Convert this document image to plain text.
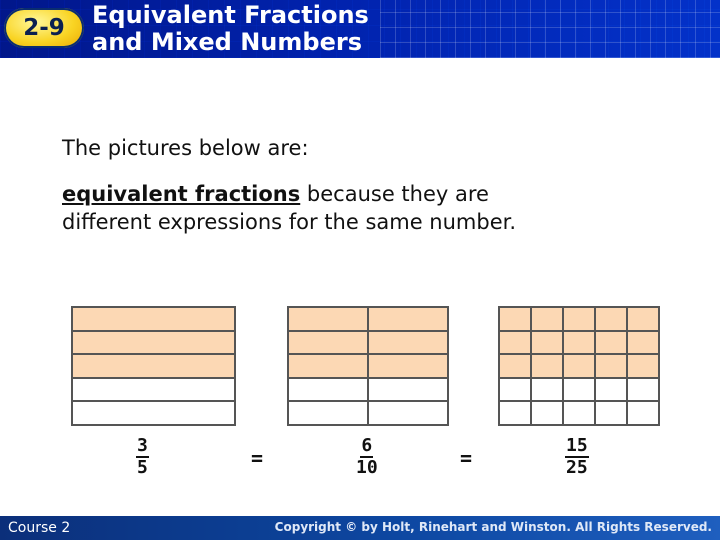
2-9	Equivalent Fractions
and Mixed Numbers

The pictures below are:

equivalent fractions because they are different expressions for the same number.

$\frac{3}{5}$	=	$\frac{6}{10}$	=	$\frac{15}{25}$
Course 2	Copyright © by Holt, Rinehart and Winston. All Rights Reserved.
